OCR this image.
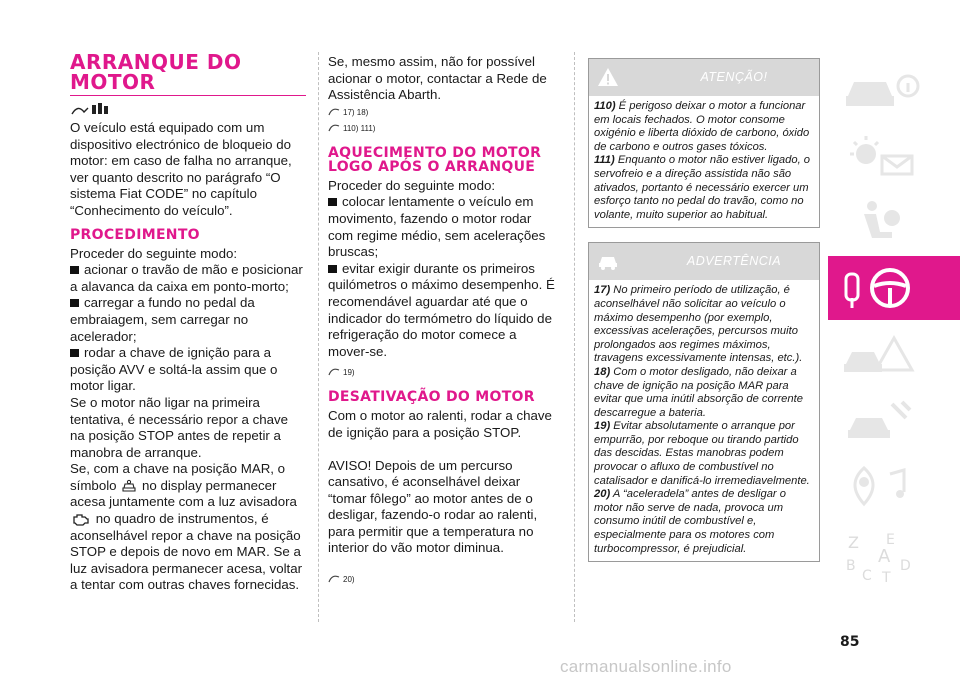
ARRANQUE DO
MOTOR

O veículo está equipado com um dispositivo electrónico de bloqueio do motor: em caso de falha no arranque, ver quanto descrito no parágrafo “O sistema Fiat CODE” no capítulo “Conhecimento do veículo”.

PROCEDIMENTO

Proceder do seguinte modo:

acionar o travão de mão e posicionar a alavanca da caixa em ponto-morto;

carregar a fundo no pedal da embraiagem, sem carregar no acelerador;

rodar a chave de ignição para a posição AVV e soltá-la assim que o motor ligar.

Se o motor não ligar na primeira tentativa, é necessário repor a chave na posição STOP antes de repetir a manobra de arranque.

Se, com a chave na posição MAR, o símbolo no display permanecer acesa juntamente com a luz avisadora  no quadro de instrumentos, é aconselhável repor a chave na posição STOP e depois de novo em MAR. Se a luz avisadora permanecer acesa, voltar a tentar com outras chaves fornecidas.

Se, mesmo assim, não for possível acionar o motor, contactar a Rede de Assistência Abarth.

17) 18)
110) 111)
AQUECIMENTO DO MOTOR LOGO APÓS O ARRANQUE

Proceder do seguinte modo:

colocar lentamente o veículo em movimento, fazendo o motor rodar com regime médio, sem acelerações bruscas;

evitar exigir durante os primeiros quilómetros o máximo desempenho. É recomendável aguardar até que o indicador do termómetro do líquido de refrigeração do motor comece a mover-se.

19)
DESATIVAÇÃO DO MOTOR

Com o motor ao ralenti, rodar a chave de ignição para a posição STOP.

AVISO! Depois de um percurso cansativo, é aconselhável deixar “tomar fôlego” ao motor antes de o desligar, fazendo-o rodar ao ralenti, para permitir que a temperatura no interior do vão motor diminua.

20)
ATENÇÃO!
110) É perigoso deixar o motor a funcionar em locais fechados. O motor consome oxigénio e liberta dióxido de carbono, óxido de carbono e outros gases tóxicos.
111) Enquanto o motor não estiver ligado, o servofreio e a direção assistida não são ativados, portanto é necessário exercer um esforço tanto no pedal do travão, como no volante, muito superior ao habitual.
ADVERTÊNCIA
17) No primeiro período de utilização, é aconselhável não solicitar ao veículo o máximo desempenho (por exemplo, excessivas acelerações, percursos muito prolongados aos regimes máximos, travagens excessivamente intensas, etc.).
18) Com o motor desligado, não deixar a chave de ignição na posição MAR para evitar que uma inútil absorção de corrente descarregue a bateria.
19) Evitar absolutamente o arranque por empurrão, por reboque ou tirando partido das descidas. Estas manobras podem provocar o afluxo de combustível no catalisador e danificá-lo irremediavelmente.
20) A “aceleradela” antes de desligar o motor não serve de nada, provoca um consumo inútil de combustível e, especialmente para os motores com turbocompressor, é prejudicial.	Z E
A
B
C
D
T
85
carmanualsonline.info
